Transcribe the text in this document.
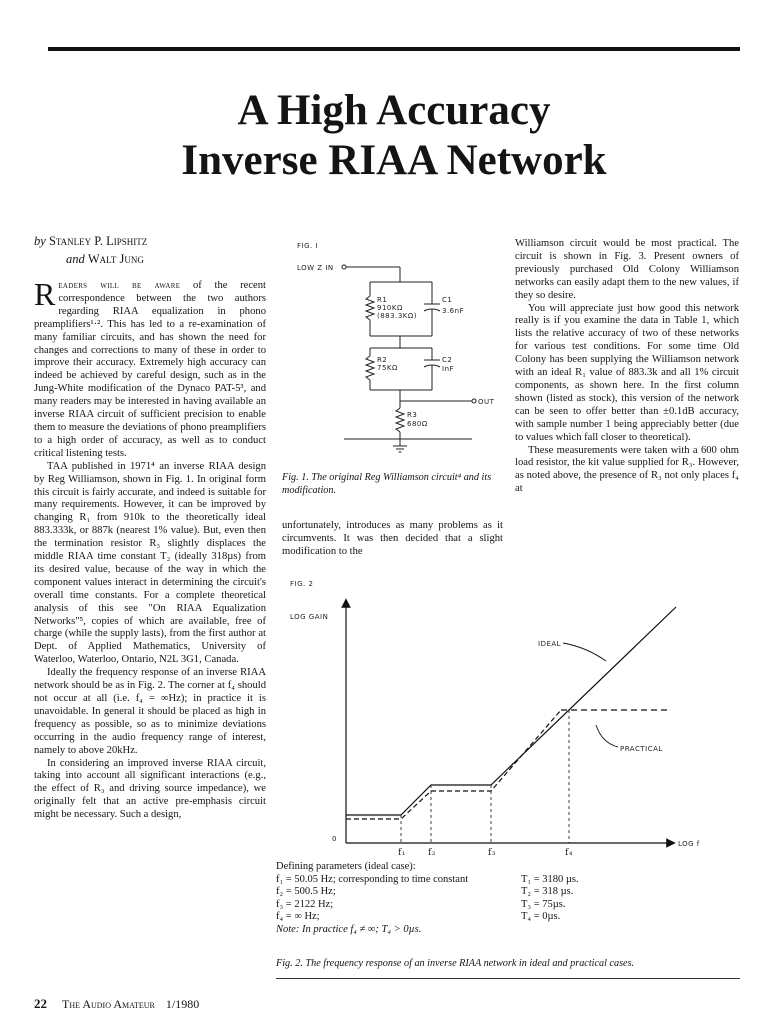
A High Accuracy
Inverse RIAA Network
by Stanley P. Lipshitz
and Walt Jung

Readers will be aware of the recent correspondence between the two authors regarding RIAA equalization in phono preamplifiers¹·². This has led to a re-examination of many familiar circuits, and has shown the need for changes and corrections to many of these in order to improve their accuracy. Extremely high accuracy can indeed be achieved by careful design, such as in the Jung-White modification of the Dynaco PAT-5³, and many readers may be interested in having available an inverse RIAA circuit of sufficient precision to enable them to measure the deviations of phono preamplifiers to a high order of accuracy, as well as to conduct critical listening tests.

TAA published in 1971⁴ an inverse RIAA design by Reg Williamson, shown in Fig. 1. In original form this circuit is fairly accurate, and indeed is suitable for many requirements. However, it can be improved by changing R₁ from 910k to the theoretically ideal 883.333k, or 887k (nearest 1% value). But, even then the termination resistor R₃ slightly displaces the middle RIAA time constant T₂ (ideally 318µs) from its desired value, because of the way in which the component values interact in determining the circuit's overall time constants. For a complete theoretical analysis of this see "On RIAA Equalization Networks"⁵, copies of which are available, free of charge (while the supply lasts), from the first author at Dept. of Applied Mathematics, University of Waterloo, Waterloo, Ontario, N2L 3G1, Canada.

Ideally the frequency response of an inverse RIAA network should be as in Fig. 2. The corner at f₄ should not occur at all (i.e. f₄ = ∞Hz); in practice it is unavoidable. In general it should be placed as high in frequency as possible, so as to minimize deviations occurring in the audio frequency range of interest, namely to above 20kHz.

In considering an improved inverse RIAA circuit, taking into account all significant interactions (e.g., the effect of R₃ and driving source impedance), we originally felt that an active pre-emphasis circuit might be necessary. Such a design,

FIG. I
LOW Z IN
OUT
R1
910KΩ
(883.3KΩ)
C1
3.6nF
R2
75KΩ
C2
InF
R3
680Ω
Fig. 1. The original Reg Williamson circuit⁴ and its modification.

unfortunately, introduces as many problems as it circumvents. It was then decided that a slight modification to the

Williamson circuit would be most practical. The circuit is shown in Fig. 3. Present owners of previously purchased Old Colony Williamson networks can easily adapt them to the new values, if they so desire.

You will appreciate just how good this network really is if you examine the data in Table 1, which lists the relative accuracy of two of these networks for various test conditions. For some time Old Colony has been supplying the Williamson network with an ideal R₁ value of 883.3k and all 1% circuit components, as shown here. In the first column shown (listed as stock), this version of the network can be seen to offer better than ±0.1dB accuracy, with sample number 1 being appreciably better (due to values which fall closer to theoretical).

These measurements were taken with a 600 ohm load resistor, the kit value supplied for R₃. However, as noted above, the presence of R₃ not only places f₄ at

FIG. 2
LOG GAIN
LOG f
0
IDEAL
PRACTICAL
f₁ f₂	f₃	f₄
Defining parameters (ideal case):
f₁ = 50.05 Hz; corresponding to time constant	T₁ = 3180 µs.
f₂ = 500.5 Hz;	T₂ = 318 µs.
f₃ = 2122 Hz;	T₃ = 75µs.
f₄ = ∞ Hz;	T₄ = 0µs.
Note: In practice f₄ ≠ ∞; T₄ > 0µs.
Fig. 2. The frequency response of an inverse RIAA network in ideal and practical cases.
22 The Audio Amateur 1/1980
